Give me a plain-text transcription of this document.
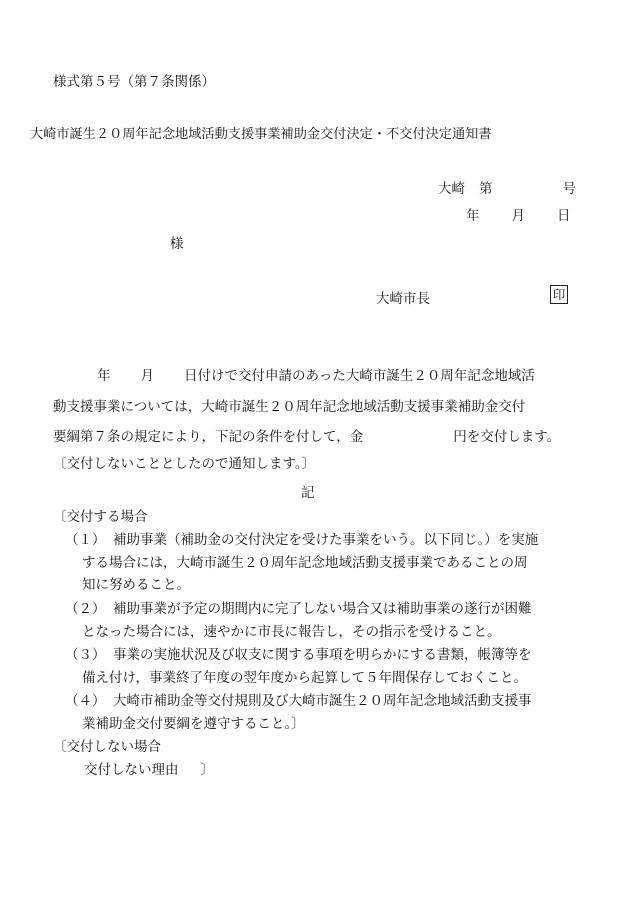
様式第５号（第７条関係）
大崎市誕生２０周年記念地域活動支援事業補助金交付決定・不交付決定通知書
大崎 第	号
年 月 日
様
大崎市長	印
年 月 日付けで交付申請のあった大崎市誕生２０周年記念地域活
動支援事業については，大崎市誕生２０周年記念地域活動支援事業補助金交付
要綱第７条の規定により，下記の条件を付して，金	円を交付します。
〔交付しないこととしたので通知します。〕
記
〔交付する場合
（１） 補助事業（補助金の交付決定を受けた事業をいう。以下同じ。）を実施
する場合には，大崎市誕生２０周年記念地域活動支援事業であることの周
知に努めること。
（２） 補助事業が予定の期間内に完了しない場合又は補助事業の遂行が困難
となった場合には，速やかに市長に報告し，その指示を受けること。
（３） 事業の実施状況及び収支に関する事項を明らかにする書類，帳簿等を
備え付け，事業終了年度の翌年度から起算して５年間保存しておくこと。
（４） 大崎市補助金等交付規則及び大崎市誕生２０周年記念地域活動支援事
業補助金交付要綱を遵守すること。〕
〔交付しない場合
交付しない理由 〕
